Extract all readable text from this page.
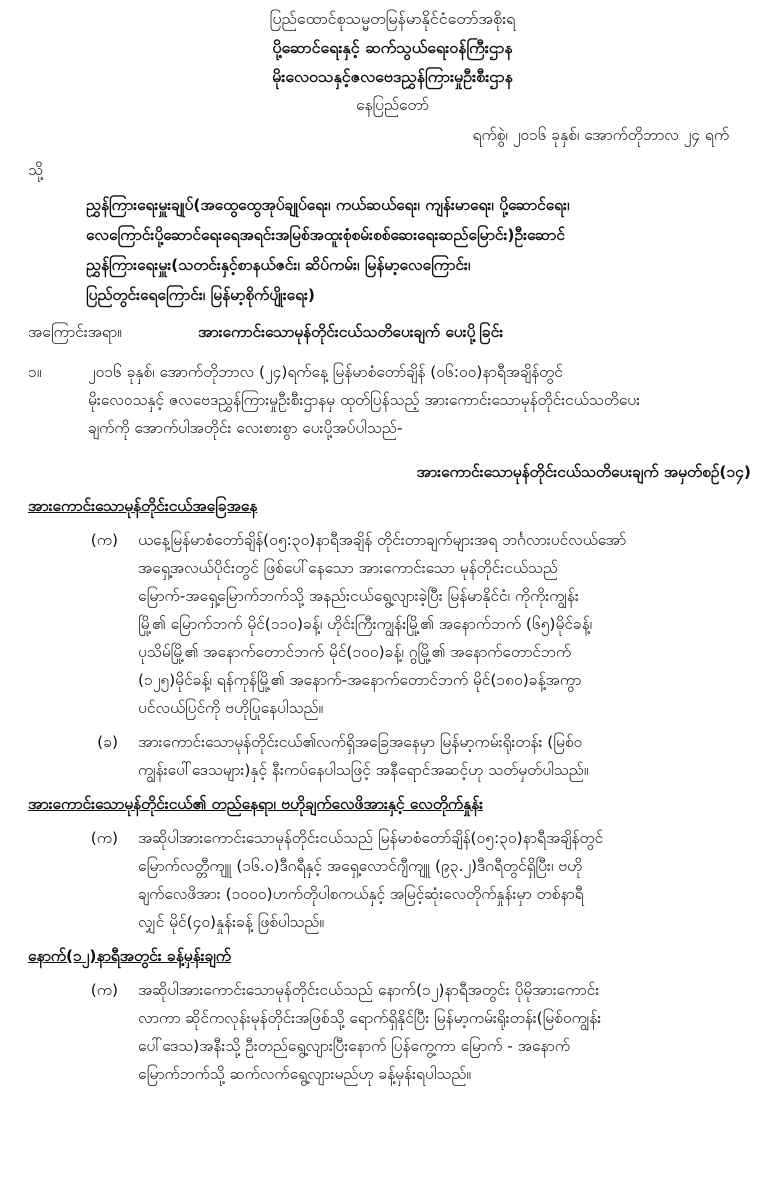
ပြည်ထောင်စုသမ္မတမြန်မာနိုင်ငံတော်အစိုးရ

ပို့ဆောင်ရေးနှင့် ဆက်သွယ်ရေးဝန်ကြီးဌာန

မိုးလေဝသနှင့်ဇလဗေဒညွှန်ကြားမှုဦးစီးဌာန

နေပြည်တော်

ရက်စွဲ၊ ၂၀၁၆ ခုနှစ်၊ အောက်တိုဘာလ ၂၄ ရက်

သို့

ညွှန်ကြားရေးမှူးချုပ်(အထွေထွေအုပ်ချုပ်ရေး၊ ကယ်ဆယ်ရေး၊ ကျန်းမာရေး၊ ပို့ဆောင်ရေး၊

လေကြောင်းပို့ဆောင်ရေးရေအရင်းအမြစ်အထူးစုံစမ်းစစ်ဆေးရေးဆည်မြောင်း)ဦးဆောင်

ညွှန်ကြားရေးမှူး(သတင်းနှင့်စာနယ်ဇင်း၊ ဆိပ်ကမ်း၊ မြန်မာ့လေကြောင်း၊

ပြည်တွင်းရေကြောင်း၊ မြန်မာ့စိုက်ပျိုးရေး)

အကြောင်းအရာ။	အားကောင်းသောမုန်တိုင်းငယ်သတိပေးချက် ပေးပို့ခြင်း
၁။	၂၀၁၆ ခုနှစ်၊ အောက်တိုဘာလ (၂၄)ရက်နေ့ မြန်မာစံတော်ချိန် (၀၆:၀၀)နာရီအချိန်တွင်
မိုးလေဝသနှင့် ဇလဗေဒညွှန်ကြားမှုဦးစီးဌာနမှ ထုတ်ပြန်သည့် အားကောင်းသောမုန်တိုင်းငယ်သတိပေး
ချက်ကို အောက်ပါအတိုင်း လေးစားစွာ ပေးပို့အပ်ပါသည်-
အားကောင်းသောမုန်တိုင်းငယ်သတိပေးချက် အမှတ်စဉ်(၁၄)
အားကောင်းသောမုန်တိုင်းငယ်အခြေအနေ
(က)	ယနေ့မြန်မာစံတော်ချိန်(၀၅:၃၀)နာရီအချိန် တိုင်းတာချက်များအရ ဘင်္ဂလားပင်လယ်အော်
အရှေ့အလယ်ပိုင်းတွင် ဖြစ်ပေါ်နေသော အားကောင်းသော မုန်တိုင်းငယ်သည်
မြောက်-အရှေ့မြောက်ဘက်သို့ အနည်းငယ်ရွေ့လျားခဲ့ပြီး မြန်မာနိုင်ငံ၊ ကိုကိုးကျွန်း
မြို့၏ မြောက်ဘက် မိုင်(၁၁၀)ခန့်၊ ဟိုင်းကြီးကျွန်းမြို့၏ အနောက်ဘက် (၆၅)မိုင်ခန့်၊
ပုသိမ်မြို့၏ အနောက်တောင်ဘက် မိုင်(၁၀၀)ခန့်၊ ဂွမြို့၏ အနောက်တောင်ဘက်
(၁၂၅)မိုင်ခန့်၊ ရန်ကုန်မြို့၏ အနောက်-အနောက်တောင်ဘက် မိုင်(၁၈၀)ခန့်အကွာ
ပင်လယ်ပြင်ကို ဗဟိုပြုနေပါသည်။
(ခ)	အားကောင်းသောမုန်တိုင်းငယ်၏လက်ရှိအခြေအနေမှာ မြန်မာ့ကမ်းရိုးတန်း (မြစ်ဝ
ကျွန်းပေါ်ဒေသများ)နှင့် နီးကပ်နေပါသဖြင့် အနီရောင်အဆင့်ဟု သတ်မှတ်ပါသည်။
အားကောင်းသောမုန်တိုင်းငယ်၏ တည်နေရာ၊ ဗဟိုချက်လေဖိအားနှင့် လေတိုက်နှုန်း
(က)	အဆိုပါအားကောင်းသောမုန်တိုင်းငယ်သည် မြန်မာစံတော်ချိန်(၀၅:၃၀)နာရီအချိန်တွင်
မြောက်လတ္တီကျူ (၁၆.၀)ဒီဂရီနှင့် အရှေ့လောင်ဂျီကျူ (၉၃.၂)ဒီဂရီတွင်ရှိပြီး၊ ဗဟို
ချက်လေဖိအား (၁၀၀၀)ဟက်တိုပါစကယ်နှင့် အမြင့်ဆုံးလေတိုက်နှုန်းမှာ တစ်နာရီ
လျှင် မိုင်(၄၀)နှုန်းခန့် ဖြစ်ပါသည်။
နောက်(၁၂)နာရီအတွင်း ခန့်မှန်းချက်
(က)	အဆိုပါအားကောင်းသောမုန်တိုင်းငယ်သည် နောက်(၁၂)နာရီအတွင်း ပိုမိုအားကောင်း
လာကာ ဆိုင်ကလုန်းမုန်တိုင်းအဖြစ်သို့ ရောက်ရှိနိုင်ပြီး မြန်မာ့ကမ်းရိုးတန်း(မြစ်ဝကျွန်း
ပေါ်ဒေသ)အနီးသို့ ဦးတည်ရွေ့လျားပြီးနောက် ပြန်ကွေ့ကာ မြောက် - အနောက်
မြောက်ဘက်သို့ ဆက်လက်ရွေ့လျားမည်ဟု ခန့်မှန်းရပါသည်။
